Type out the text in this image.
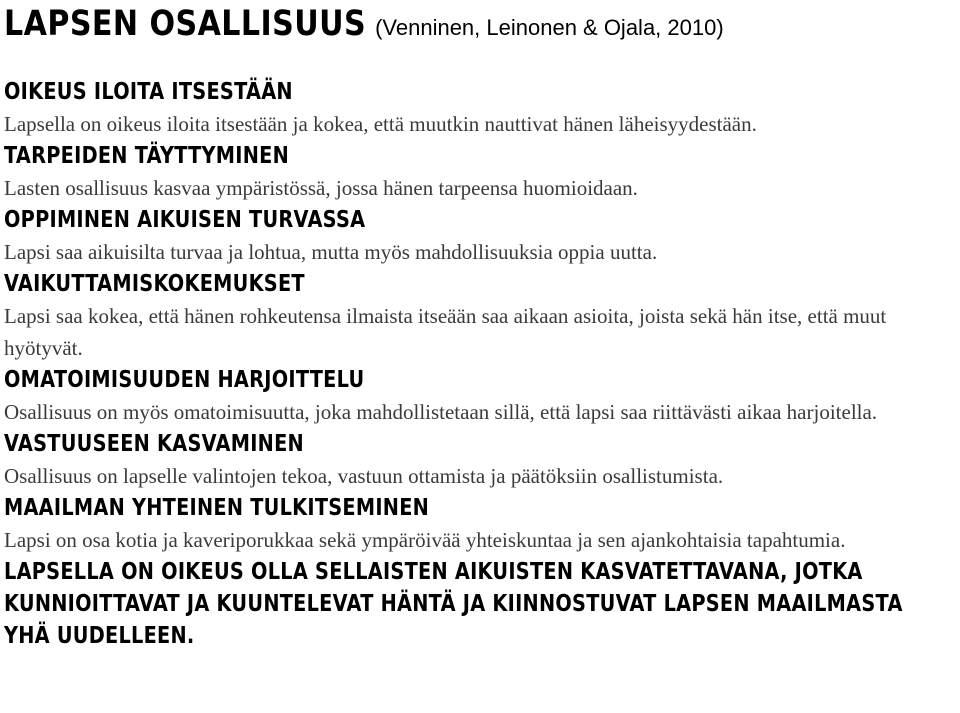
LAPSEN OSALLISUUS (Venninen, Leinonen & Ojala, 2010)
OIKEUS ILOITA ITSESTÄÄN
Lapsella on oikeus iloita itsestään ja kokea, että muutkin nauttivat hänen läheisyydestään.
TARPEIDEN TÄYTTYMINEN
Lasten osallisuus kasvaa ympäristössä, jossa hänen tarpeensa huomioidaan.
OPPIMINEN AIKUISEN TURVASSA
Lapsi saa aikuisilta turvaa ja lohtua, mutta myös mahdollisuuksia oppia uutta.
VAIKUTTAMISKOKEMUKSET
Lapsi saa kokea, että hänen rohkeutensa ilmaista itseään saa aikaan asioita, joista sekä hän itse, että muut hyötyvät.
OMATOIMISUUDEN HARJOITTELU
Osallisuus on myös omatoimisuutta, joka mahdollistetaan sillä, että lapsi saa riittävästi aikaa harjoitella.
VASTUUSEEN KASVAMINEN
Osallisuus on lapselle valintojen tekoa, vastuun ottamista ja päätöksiin osallistumista.
MAAILMAN YHTEINEN TULKITSEMINEN
Lapsi on osa kotia ja kaveriporukkaa sekä ympäröivää yhteiskuntaa ja sen ajankohtaisia tapahtumia.
LAPSELLA ON OIKEUS OLLA SELLAISTEN AIKUISTEN KASVATETTAVANA, JOTKA KUNNIOITTAVAT JA KUUNTELEVAT HÄNTÄ JA KIINNOSTUVAT LAPSEN MAAILMASTA YHÄ UUDELLEEN.
